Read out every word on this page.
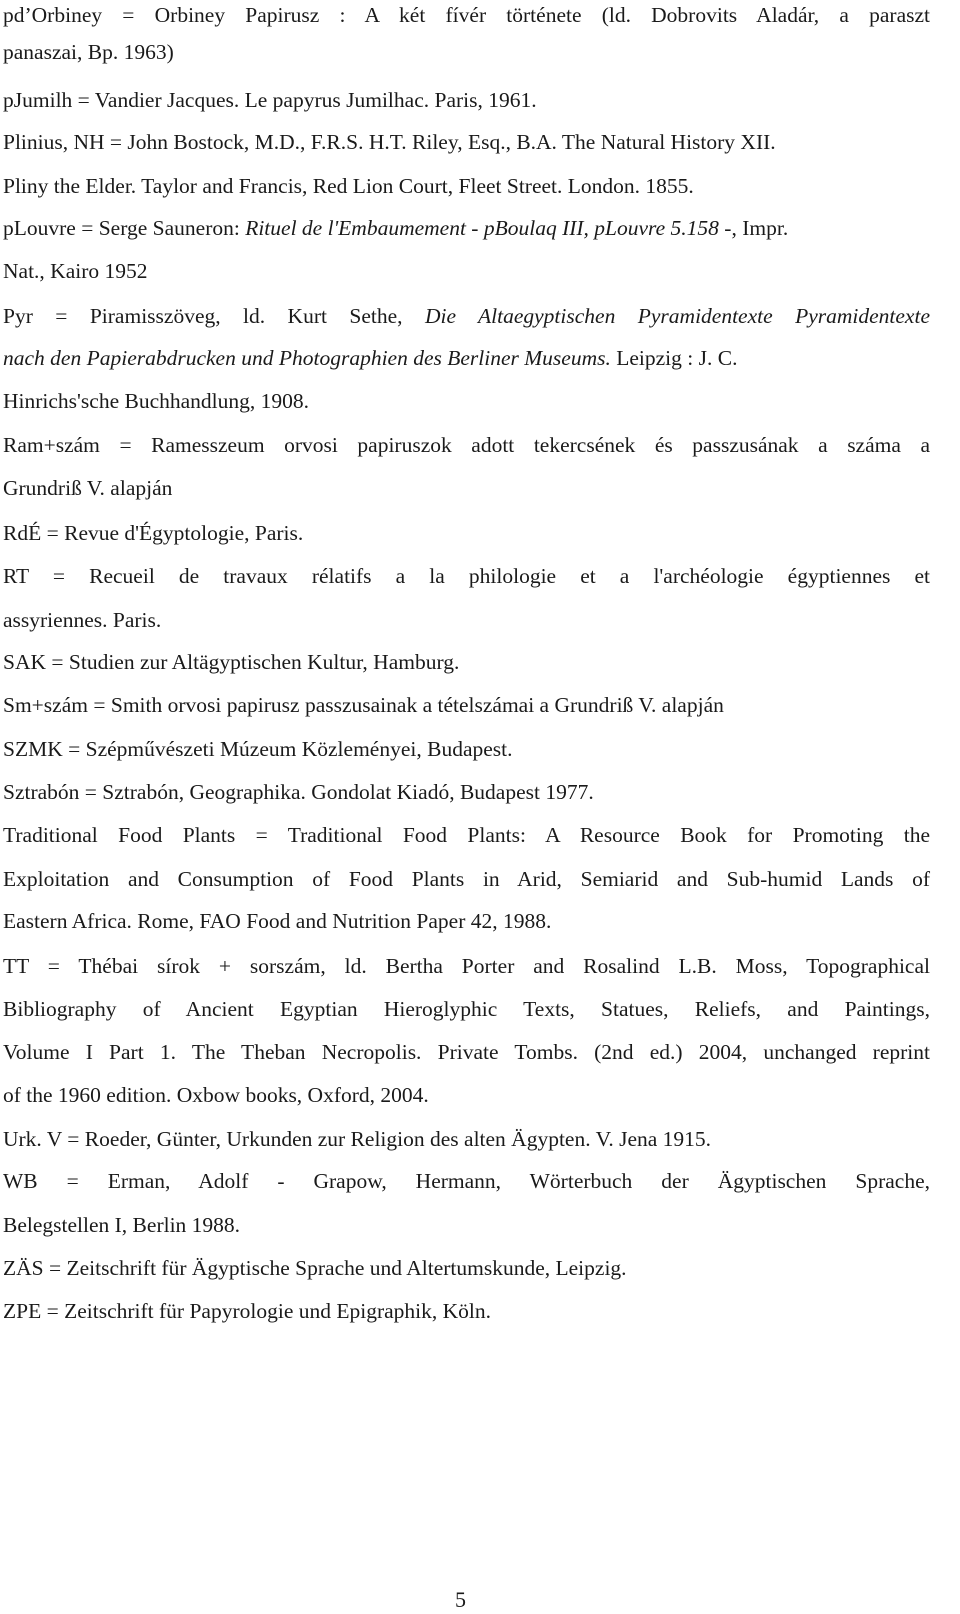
pd’Orbiney = Orbiney Papirusz : A két fívér története (ld. Dobrovits Aladár, a paraszt
panaszai, Bp. 1963)
pJumilh = Vandier Jacques. Le papyrus Jumilhac. Paris, 1961.
Plinius, NH = John Bostock, M.D., F.R.S. H.T. Riley, Esq., B.A. The Natural History XII.
Pliny the Elder. Taylor and Francis, Red Lion Court, Fleet Street. London. 1855.
pLouvre = Serge Sauneron: Rituel de l'Embaumement - pBoulaq III, pLouvre 5.158 -, Impr.
Nat., Kairo 1952
Pyr = Piramisszöveg, ld. Kurt Sethe, Die Altaegyptischen Pyramidentexte Pyramidentexte
nach den Papierabdrucken und Photographien des Berliner Museums. Leipzig : J. C.
Hinrichs'sche Buchhandlung, 1908.
Ram+szám = Ramesszeum orvosi papiruszok adott tekercsének és passzusának a száma a
Grundriß V. alapján
RdÉ = Revue d'Égyptologie, Paris.
RT = Recueil de travaux rélatifs a la philologie et a l'archéologie égyptiennes et
assyriennes. Paris.
SAK = Studien zur Altägyptischen Kultur, Hamburg.
Sm+szám = Smith orvosi papirusz passzusainak a tételszámai a Grundriß V. alapján
SZMK = Szépművészeti Múzeum Közleményei, Budapest.
Sztrabón = Sztrabón, Geographika. Gondolat Kiadó, Budapest 1977.
Traditional Food Plants = Traditional Food Plants: A Resource Book for Promoting the
Exploitation and Consumption of Food Plants in Arid, Semiarid and Sub-humid Lands of
Eastern Africa. Rome, FAO Food and Nutrition Paper 42, 1988.
TT = Thébai sírok + sorszám, ld. Bertha Porter and Rosalind L.B. Moss, Topographical
Bibliography of Ancient Egyptian Hieroglyphic Texts, Statues, Reliefs, and Paintings,
Volume I Part 1. The Theban Necropolis. Private Tombs. (2nd ed.) 2004, unchanged reprint
of the 1960 edition. Oxbow books, Oxford, 2004.
Urk. V = Roeder, Günter, Urkunden zur Religion des alten Ägypten. V. Jena 1915.
WB = Erman, Adolf - Grapow, Hermann, Wörterbuch der Ägyptischen Sprache,
Belegstellen I, Berlin 1988.
ZÄS = Zeitschrift für Ägyptische Sprache und Altertumskunde, Leipzig.
ZPE = Zeitschrift für Papyrologie und Epigraphik, Köln.
5
